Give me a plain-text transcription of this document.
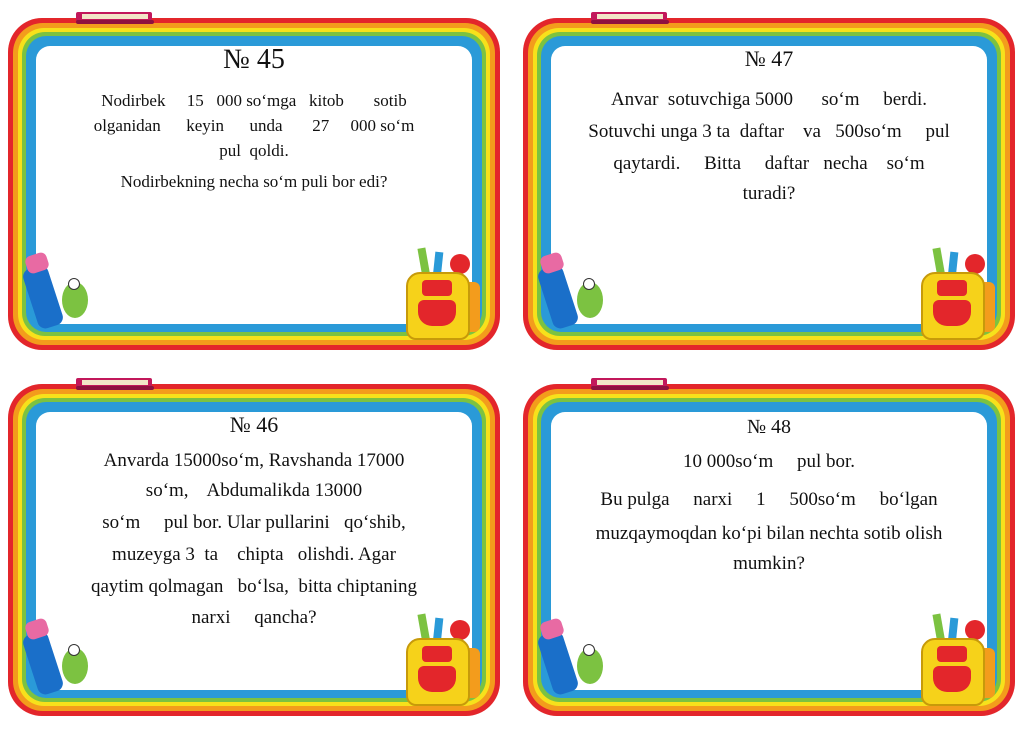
№ 45
Nodirbek     15   000 so‘mga   kitob       sotib
olganidan      keyin      unda       27     000 so‘m
pul  qoldi.
Nodirbekning necha so‘m puli bor edi?
№ 47
Anvar  sotuvchiga 5000      so‘m     berdi.
Sotuvchi unga 3 ta  daftar    va   500so‘m     pul
qaytardi.     Bitta     daftar   necha    so‘m
turadi?
№ 46
Anvarda 15000so‘m, Ravshanda 17000
so‘m,    Abdumalikda 13000
so‘m     pul bor. Ular pullarini   qo‘shib,
muzeyga 3  ta    chipta   olishdi. Agar
qaytim qolmagan   bo‘lsa,  bitta chiptaning
narxi     qancha?
№ 48
10 000so‘m     pul bor.
Bu pulga     narxi     1     500so‘m     bo‘lgan
muzqaymoqdan ko‘pi bilan nechta sotib olish
mumkin?
